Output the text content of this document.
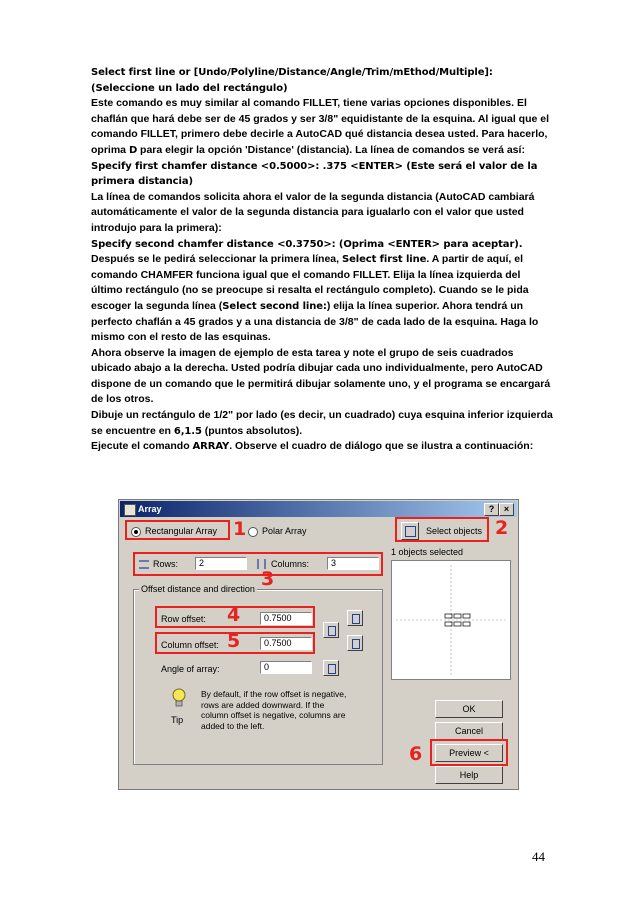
Select first line or [Undo/Polyline/Distance/Angle/Trim/mEthod/Multiple]:

(Seleccione un lado del rectángulo)

Este comando es muy similar al comando FILLET, tiene varias opciones disponibles. El chaflán que hará debe ser de 45 grados y ser 3/8" equidistante de la esquina. Al igual que el comando FILLET, primero debe decirle a AutoCAD qué distancia desea usted. Para hacerlo, oprima D para elegir la opción 'Distance' (distancia). La línea de comandos se verá así:

Specify first chamfer distance <0.5000>: .375 <ENTER> (Este será el valor de la primera distancia)

La línea de comandos solicita ahora el valor de la segunda distancia (AutoCAD cambiará automáticamente el valor de la segunda distancia para igualarlo con el valor que usted introdujo para la primera):

Specify second chamfer distance <0.3750>: (Oprima <ENTER> para aceptar).

Después se le pedirá seleccionar la primera línea, Select first line. A partir de aquí, el comando CHAMFER funciona igual que el comando FILLET. Elija la línea izquierda del último rectángulo (no se preocupe si resalta el rectángulo completo). Cuando se le pida escoger la segunda línea (Select second line:) elija la línea superior. Ahora tendrá un perfecto chaflán a 45 grados y a una distancia de 3/8" de cada lado de la esquina. Haga lo mismo con el resto de las esquinas.

Ahora observe la imagen de ejemplo de esta tarea y note el grupo de seis cuadrados ubicado abajo a la derecha. Usted podría dibujar cada uno individualmente, pero AutoCAD dispone de un comando que le permitirá dibujar solamente uno, y el programa se encargará de los otros.

Dibuje un rectángulo de 1/2" por lado (es decir, un cuadrado) cuya esquina inferior izquierda se encuentre en 6,1.5 (puntos absolutos).

Ejecute el comando ARRAY. Observe el cuadro de diálogo que se ilustra a continuación:

Array	?	×
Rectangular Array	Polar Array
1	Select objects 2
1 objects selected
Rows:	2	Columns:	3
3
Offset distance and direction
Row offset:	0.7500
4
Column offset:	0.7500
5
Angle of array:	0
Tip
By default, if the row offset is negative, rows are added downward. If the column offset is negative, columns are added to the left.
OK
Cancel
Preview <
Help
6
44
